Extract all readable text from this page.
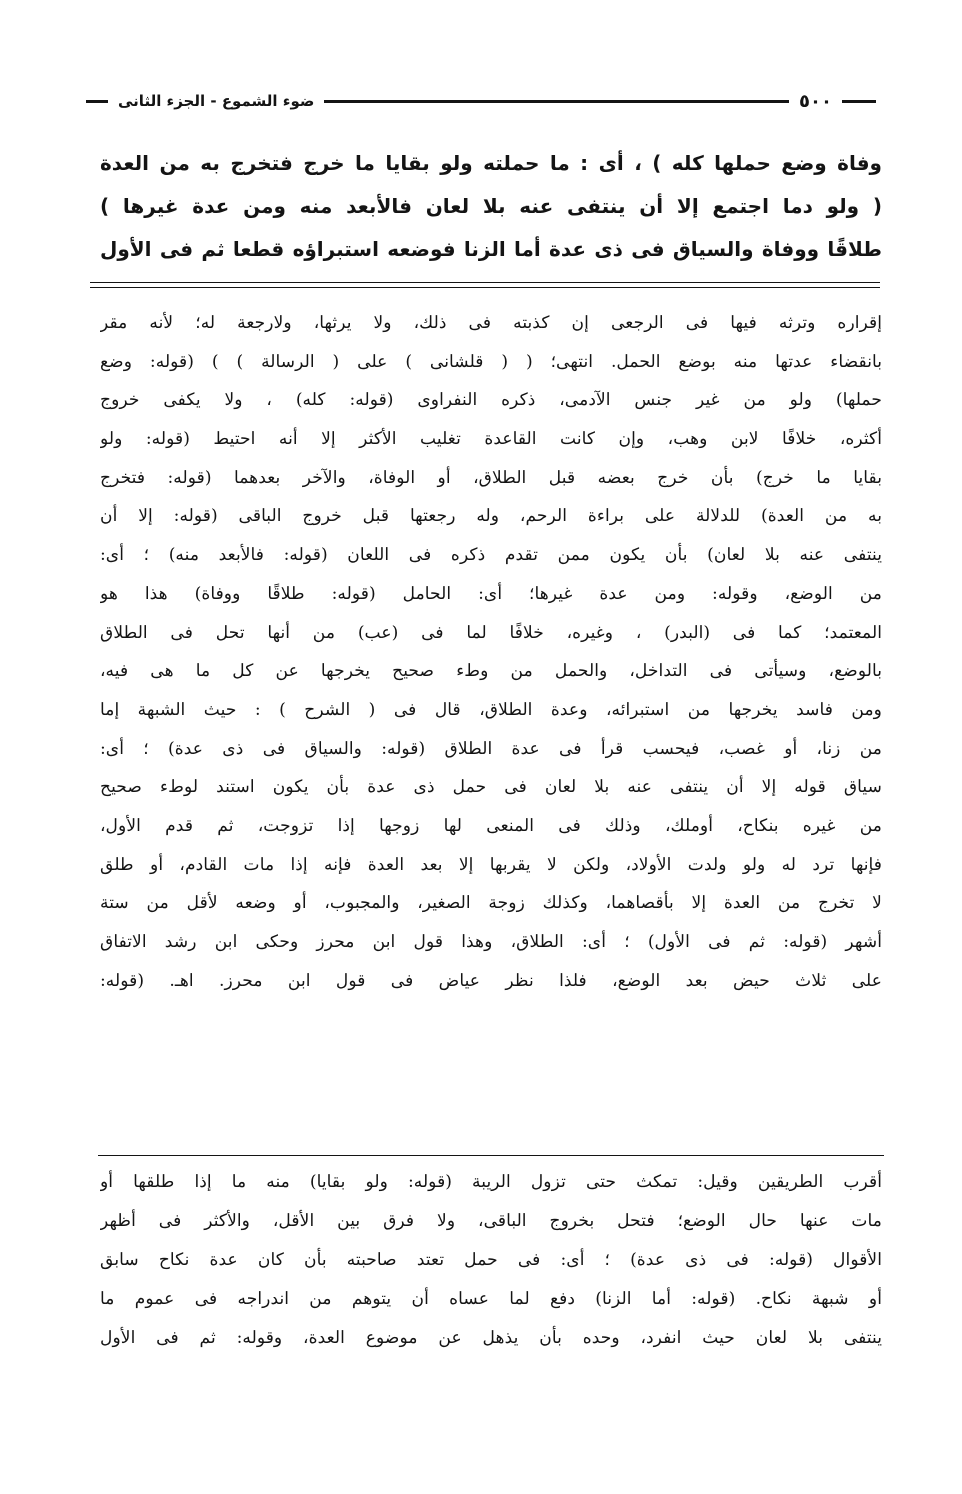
ضوء الشموع - الجزء الثانى	٥٠٠
وفاة وضع حملها كله ) ، أى : ما حملته ولو بقايا ما خرج فتخرج به من العدة
( ولو دما اجتمع إلا أن ينتفى عنه بلا لعان فالأبعد منه ومن عدة غيرها )
طلاقًا ووفاة والسياق فى ذى عدة أما الزنا فوضعه استبراؤه قطعا ثم فى الأول
إقراره وترثه فيها فى الرجعى إن كذبته فى ذلك، ولا يرثها، ولارجعة له؛ لأنه مقر
بانقضاء عدتها منه بوضع الحمل. انتهى؛ ( ( قلشانى ) على ( الرسالة ) ) (قوله: وضع
حملها) ولو من غير جنس الآدمى، ذكره النفراوى (قوله: كله) ، ولا يكفى خروج
أكثره، خلافًا لابن وهب، وإن كانت القاعدة تغليب الأكثر إلا أنه احتيط (قوله: ولو
بقايا ما خرج) بأن خرج بعضه قبل الطلاق، أو الوفاة، والآخر بعدهما (قوله: فتخرج
به من العدة) للدلالة على براءة الرحم، وله رجعتها قبل خروج الباقى (قوله: إلا أن
ينتفى عنه بلا لعان) بأن يكون ممن تقدم ذكره فى اللعان (قوله: فالأبعد منه) ؛ أى:
من الوضع، وقوله: ومن عدة غيرها؛ أى: الحامل (قوله: طلاقًا ووفاة) هذا هو
المعتمد؛ كما فى (البدر) ، وغيره، خلافًا لما فى (عب) من أنها تحل فى الطلاق
بالوضع، وسيأتى فى التداخل، والحمل من وطء صحيح يخرجها عن كل ما هى فيه،
ومن فاسد يخرجها من استبرائه، وعدة الطلاق، قال فى ( الشرح ) : حيث الشبهة إما
من زنا، أو غصب، فيحسب قرأ فى عدة الطلاق (قوله: والسياق فى ذى عدة) ؛ أى:
سياق قوله إلا أن ينتفى عنه بلا لعان فى حمل ذى عدة بأن يكون استند لوطء صحيح
من غيره بنكاح، أوملك، وذلك فى المنعى لها زوجها إذا تزوجت، ثم قدم الأول،
فإنها ترد له ولو ولدت الأولاد، ولكن لا يقربها إلا بعد العدة فإنه إذا مات القادم، أو طلق
لا تخرج من العدة إلا بأقصاهما، وكذلك زوجة الصغير، والمجبوب، أو وضعه لأقل من ستة
أشهر (قوله: ثم فى الأول) ؛ أى: الطلاق، وهذا قول ابن محرز وحكى ابن رشد الاتفاق
على ثلاث حيض بعد الوضع، فلذا نظر عياض فى قول ابن محرز. اهـ. (قوله:
أقرب الطريقين وقيل: تمكث حتى تزول الريبة (قوله: ولو بقايا) منه ما إذا طلقها أو
مات عنها حال الوضع؛ فتحل بخروج الباقى، ولا فرق بين الأقل، والأكثر فى أظهر
الأقوال (قوله: فى ذى عدة) ؛ أى: فى حمل تعتد صاحبته بأن كان عدة نكاح سابق
أو شبهة نكاح. (قوله: أما الزنا) دفع لما عساه أن يتوهم من اندراجه فى عموم ما
ينتفى بلا لعان حيث انفرد، وحده بأن يذهل عن موضوع العدة، وقوله: ثم فى الأول
